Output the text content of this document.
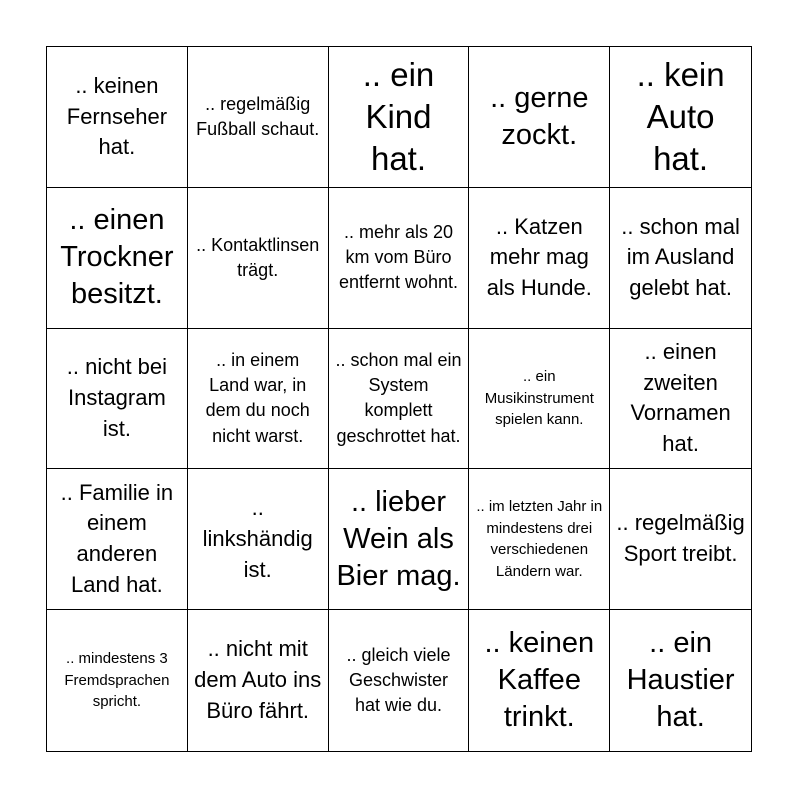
.. keinen Fernseher hat.
.. regelmäßig Fußball schaut.
.. ein Kind hat.
.. gerne zockt.
.. kein Auto hat.
.. einen Trockner besitzt.
.. Kontaktlinsen trägt.
.. mehr als 20 km vom Büro entfernt wohnt.
.. Katzen mehr mag als Hunde.
.. schon mal im Ausland gelebt hat.
.. nicht bei Instagram ist.
.. in einem Land war, in dem du noch nicht warst.
.. schon mal ein System komplett geschrottet hat.
.. ein Musikinstrument spielen kann.
.. einen zweiten Vornamen hat.
.. Familie in einem anderen Land hat.
.. linkshändig ist.
.. lieber Wein als Bier mag.
.. im letzten Jahr in mindestens drei verschiedenen Ländern war.
.. regelmäßig Sport treibt.
.. mindestens 3 Fremdsprachen spricht.
.. nicht mit dem Auto ins Büro fährt.
.. gleich viele Geschwister hat wie du.
.. keinen Kaffee trinkt.
.. ein Haustier hat.
